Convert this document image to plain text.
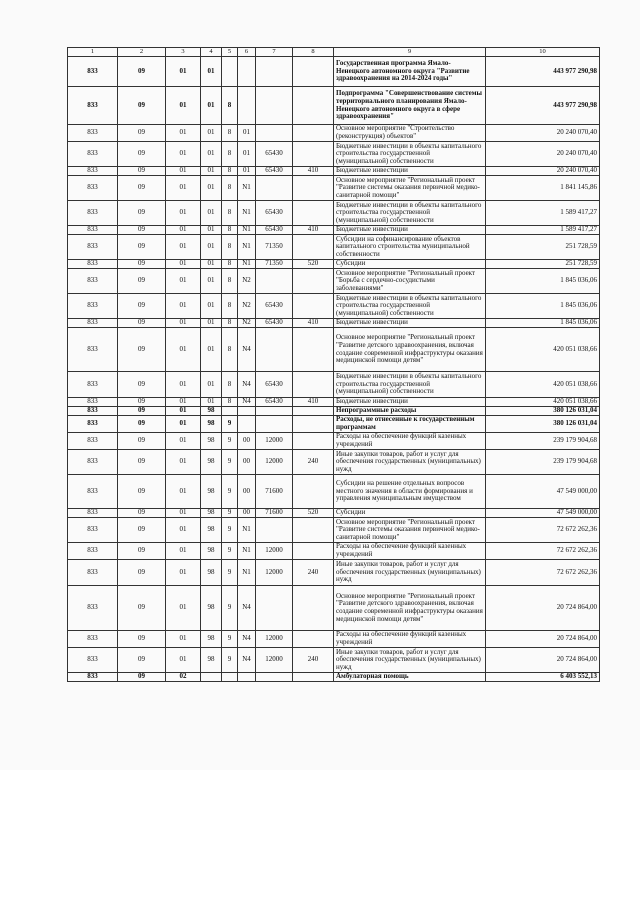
1	2	3	4	5	6	7	8	9	10
833	09	01	01					Государственная программа Ямало-Ненецкого автономного округа "Развитие здравоохранения на 2014-2024 годы"	443 977 290,98
833	09	01	01	8				Подпрограмма "Совершенствование системы территориального планирования Ямало-Ненецкого автономного округа в сфере здравоохранения"	443 977 290,98
833	09	01	01	8	01			Основное мероприятие "Строительство (реконструкция) объектов"	20 240 070,40
833	09	01	01	8	01	65430		Бюджетные инвестиции в объекты капитального строительства государственной (муниципальной) собственности	20 240 070,40
833	09	01	01	8	01	65430	410	Бюджетные инвестиции	20 240 070,40
833	09	01	01	8	N1			Основное мероприятие "Региональный проект "Развитие системы оказания первичной медико-санитарной помощи"	1 841 145,86
833	09	01	01	8	N1	65430		Бюджетные инвестиции в объекты капитального строительства государственной (муниципальной) собственности	1 589 417,27
833	09	01	01	8	N1	65430	410	Бюджетные инвестиции	1 589 417,27
833	09	01	01	8	N1	71350		Субсидии на софинансирование объектов капитального строительства муниципальной собственности	251 728,59
833	09	01	01	8	N1	71350	520	Субсидии	251 728,59
833	09	01	01	8	N2			Основное мероприятие "Региональный проект "Борьба с сердечно-сосудистыми заболеваниями"	1 845 036,06
833	09	01	01	8	N2	65430		Бюджетные инвестиции в объекты капитального строительства государственной (муниципальной) собственности	1 845 036,06
833	09	01	01	8	N2	65430	410	Бюджетные инвестиции	1 845 036,06
833	09	01	01	8	N4			Основное мероприятие "Региональный проект "Развитие детского здравоохранения, включая создание современной инфраструктуры оказания медицинской помощи детям"	420 051 038,66
833	09	01	01	8	N4	65430		Бюджетные инвестиции в объекты капитального строительства государственной (муниципальной) собственности	420 051 038,66
833	09	01	01	8	N4	65430	410	Бюджетные инвестиции	420 051 038,66
833	09	01	98					Непрограммные расходы	380 126 031,04
833	09	01	98	9				Расходы, не отнесенные к государственным программам	380 126 031,04
833	09	01	98	9	00	12000		Расходы на обеспечение функций казенных учреждений	239 179 904,68
833	09	01	98	9	00	12000	240	Иные закупки товаров, работ и услуг для обеспечения государственных (муниципальных) нужд	239 179 904,68
833	09	01	98	9	00	71600		Субсидии на решение отдельных вопросов местного значения в области формирования и управления муниципальным имуществом	47 549 000,00
833	09	01	98	9	00	71600	520	Субсидии	47 549 000,00
833	09	01	98	9	N1			Основное мероприятие "Региональный проект "Развитие системы оказания первичной медико-санитарной помощи"	72 672 262,36
833	09	01	98	9	N1	12000		Расходы на обеспечение функций казенных учреждений	72 672 262,36
833	09	01	98	9	N1	12000	240	Иные закупки товаров, работ и услуг для обеспечения государственных (муниципальных) нужд	72 672 262,36
833	09	01	98	9	N4			Основное мероприятие "Региональный проект "Развитие детского здравоохранения, включая создание современной инфраструктуры оказания медицинской помощи детям"	20 724 864,00
833	09	01	98	9	N4	12000		Расходы на обеспечение функций казенных учреждений	20 724 864,00
833	09	01	98	9	N4	12000	240	Иные закупки товаров, работ и услуг для обеспечения государственных (муниципальных) нужд	20 724 864,00
833	09	02						Амбулаторная помощь	6 403 552,13
